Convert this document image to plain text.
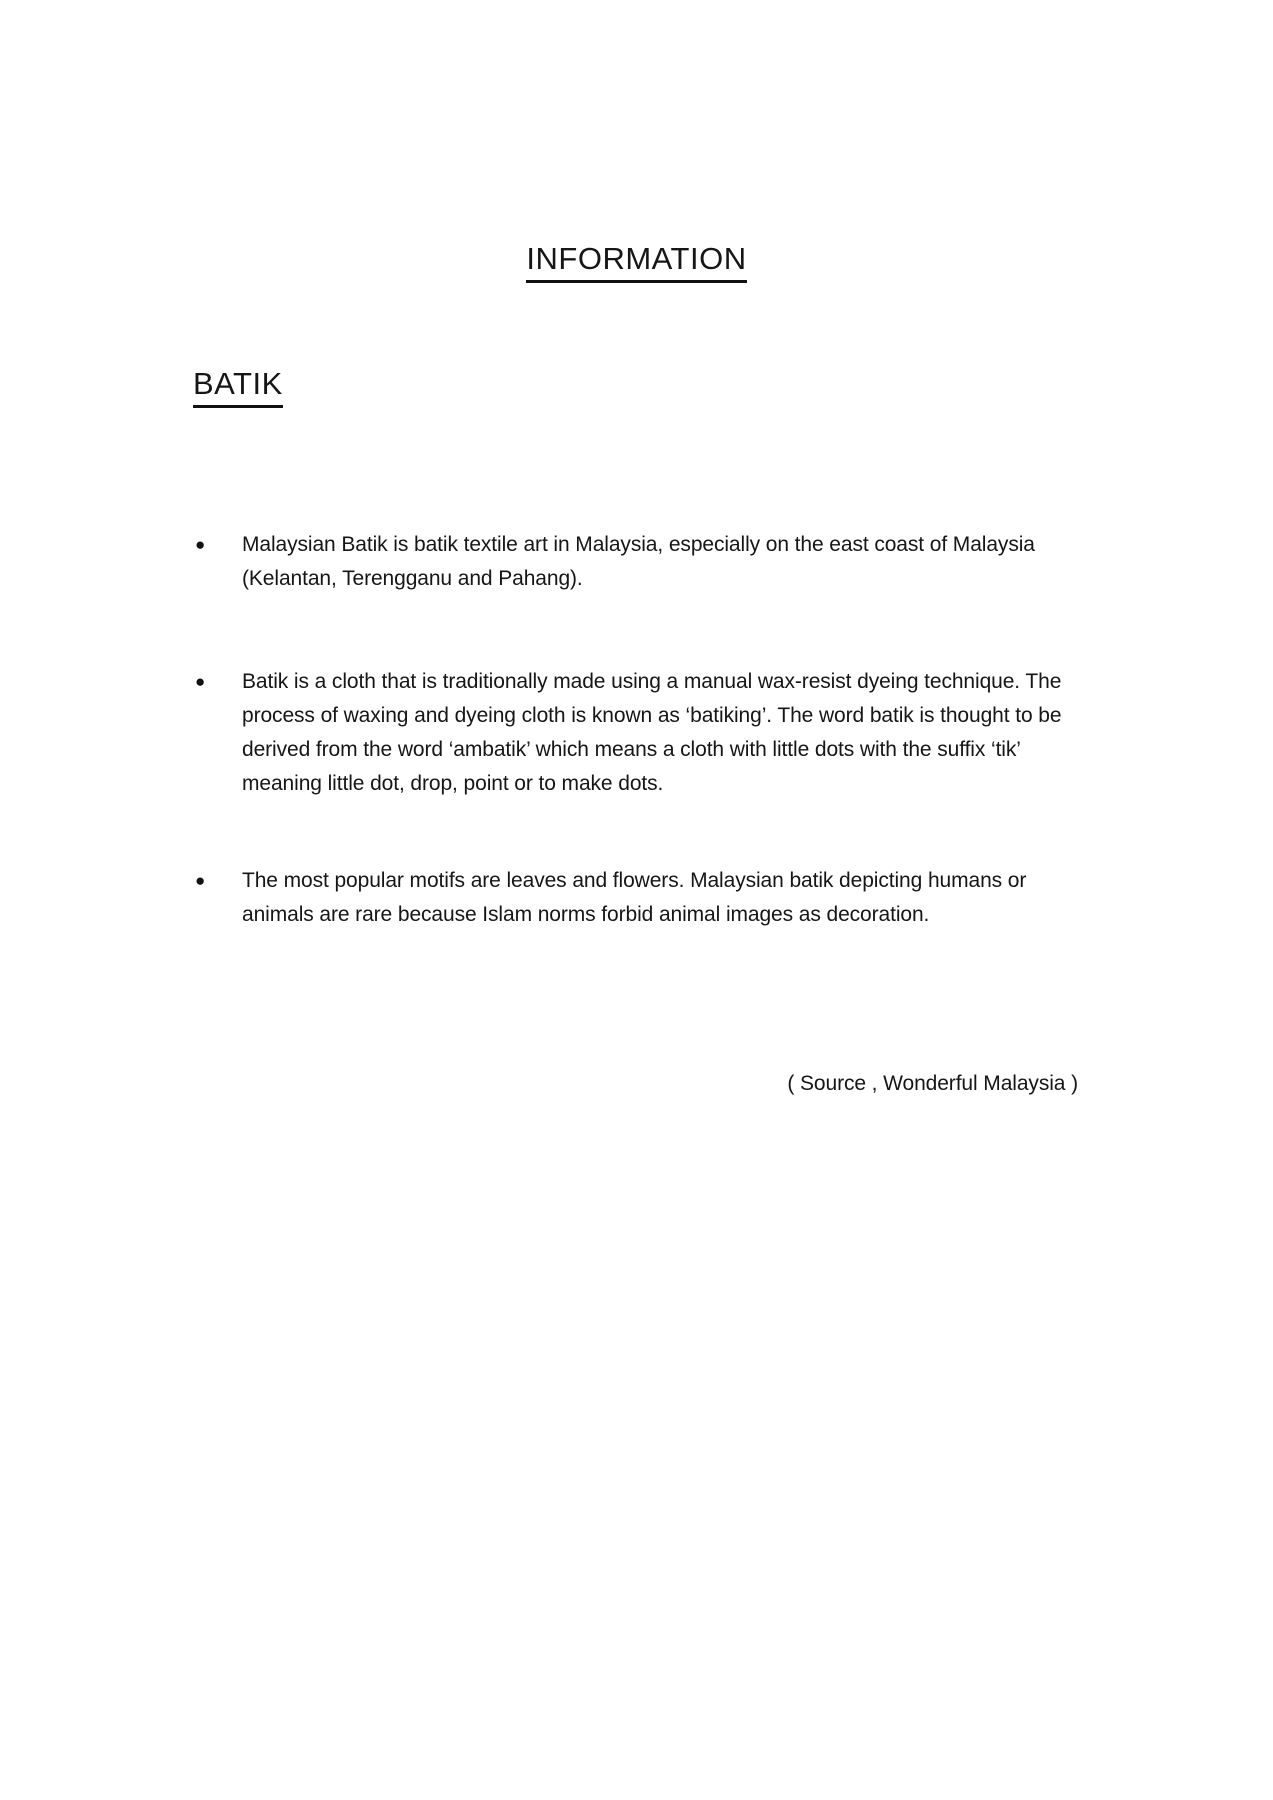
INFORMATION
BATIK
● Malaysian Batik is batik textile art in Malaysia, especially on the east coast of Malaysia (Kelantan, Terengganu and Pahang).
● Batik is a cloth that is traditionally made using a manual wax-resist dyeing technique. The process of waxing and dyeing cloth is known as ‘batiking’. The word batik is thought to be derived from the word ‘ambatik’ which means a cloth with little dots with the suffix ‘tik’ meaning little dot, drop, point or to make dots.
● The most popular motifs are leaves and flowers. Malaysian batik depicting humans or animals are rare because Islam norms forbid animal images as decoration.
( Source , Wonderful Malaysia )
